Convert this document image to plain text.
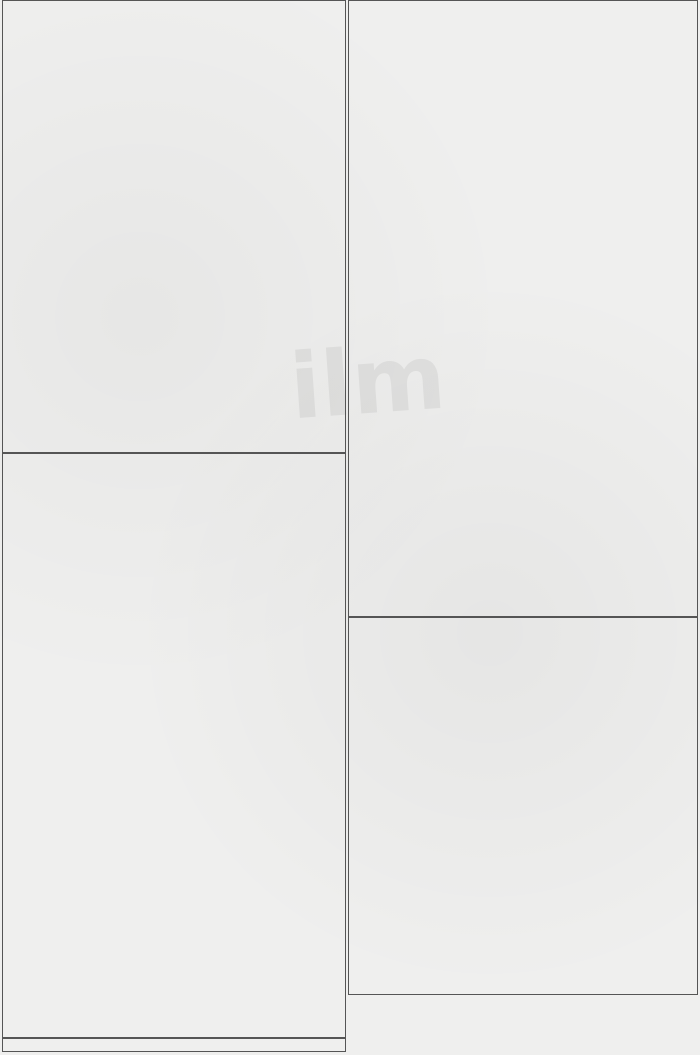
ilm
